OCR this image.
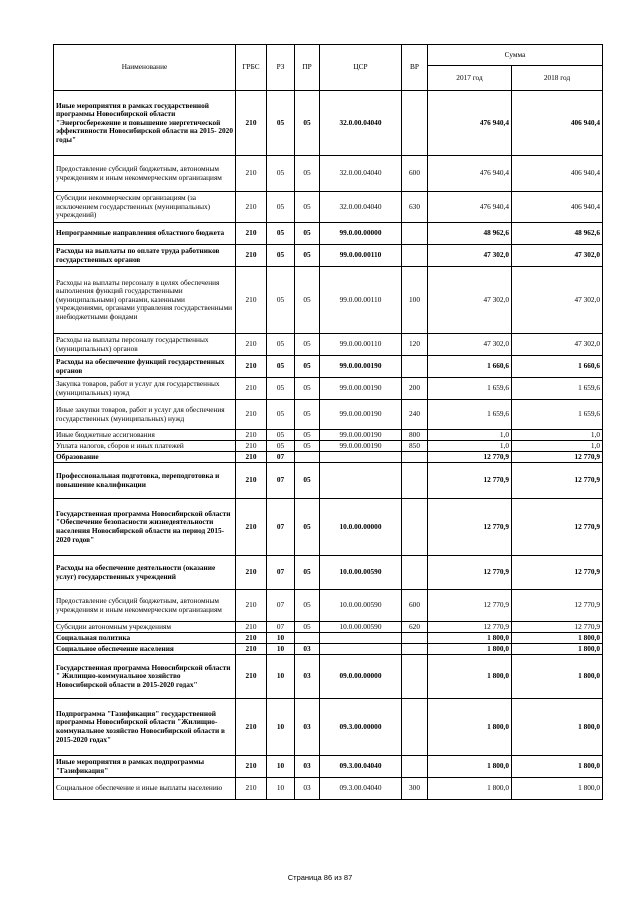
Наименование	ГРБС	РЗ	ПР	ЦСР	ВР	Сумма	
						2017 год	2018 год
Иные мероприятия в рамках государственной программы Новосибирской области "Энергосбережение и повышение энергетической эффективности Новосибирской области на 2015- 2020 годы"	210	05	05	32.0.00.04040		476 940,4	406 940,4
Предоставление субсидий бюджетным, автономным учреждениям и иным некоммерческим организациям	210	05	05	32.0.00.04040	600	476 940,4	406 940,4
Субсидии некоммерческим организациям (за исключением государственных (муниципальных) учреждений)	210	05	05	32.0.00.04040	630	476 940,4	406 940,4
Непрограммные направления областного бюджета	210	05	05	99.0.00.00000		48 962,6	48 962,6
Расходы на выплаты по оплате труда работников государственных органов	210	05	05	99.0.00.00110		47 302,0	47 302,0
Расходы на выплаты персоналу в целях обеспечения выполнения функций государственными (муниципальными) органами, казенными учреждениями, органами управления государственными внебюджетными фондами	210	05	05	99.0.00.00110	100	47 302,0	47 302,0
Расходы на выплаты персоналу государственных (муниципальных) органов	210	05	05	99.0.00.00110	120	47 302,0	47 302,0
Расходы на обеспечение функций государственных органов	210	05	05	99.0.00.00190		1 660,6	1 660,6
Закупка товаров, работ и услуг для государственных (муниципальных) нужд	210	05	05	99.0.00.00190	200	1 659,6	1 659,6
Иные закупки товаров, работ и услуг для обеспечения государственных (муниципальных) нужд	210	05	05	99.0.00.00190	240	1 659,6	1 659,6
Иные бюджетные ассигнования	210	05	05	99.0.00.00190	800	1,0	1,0
Уплата налогов, сборов и иных платежей	210	05	05	99.0.00.00190	850	1,0	1,0
Образование	210	07				12 770,9	12 770,9
Профессиональная подготовка, переподготовка и повышение квалификации	210	07	05			12 770,9	12 770,9
Государственная программа Новосибирской области "Обеспечение безопасности жизнедеятельности населения Новосибирской области на период 2015-2020 годов"	210	07	05	10.0.00.00000		12 770,9	12 770,9
Расходы на обеспечение деятельности (оказание услуг) государственных учреждений	210	07	05	10.0.00.00590		12 770,9	12 770,9
Предоставление субсидий бюджетным, автономным учреждениям и иным некоммерческим организациям	210	07	05	10.0.00.00590	600	12 770,9	12 770,9
Субсидии автономным учреждениям	210	07	05	10.0.00.00590	620	12 770,9	12 770,9
Социальная политика	210	10				1 800,0	1 800,0
Социальное обеспечение населения	210	10	03			1 800,0	1 800,0
Государственная программа Новосибирской области " Жилищно-коммунальное хозяйство Новосибирской области в 2015-2020 годах"	210	10	03	09.0.00.00000		1 800,0	1 800,0
Подпрограмма "Газификация" государственной программы Новосибирской области "Жилищно-коммунальное хозяйство Новосибирской области в 2015-2020 годах"	210	10	03	09.3.00.00000		1 800,0	1 800,0
Иные мероприятия в рамках подпрограммы "Газификация"	210	10	03	09.3.00.04040		1 800,0	1 800,0
Социальное обеспечение и иные выплаты населению	210	10	03	09.3.00.04040	300	1 800,0	1 800,0
Страница 86 из 87
